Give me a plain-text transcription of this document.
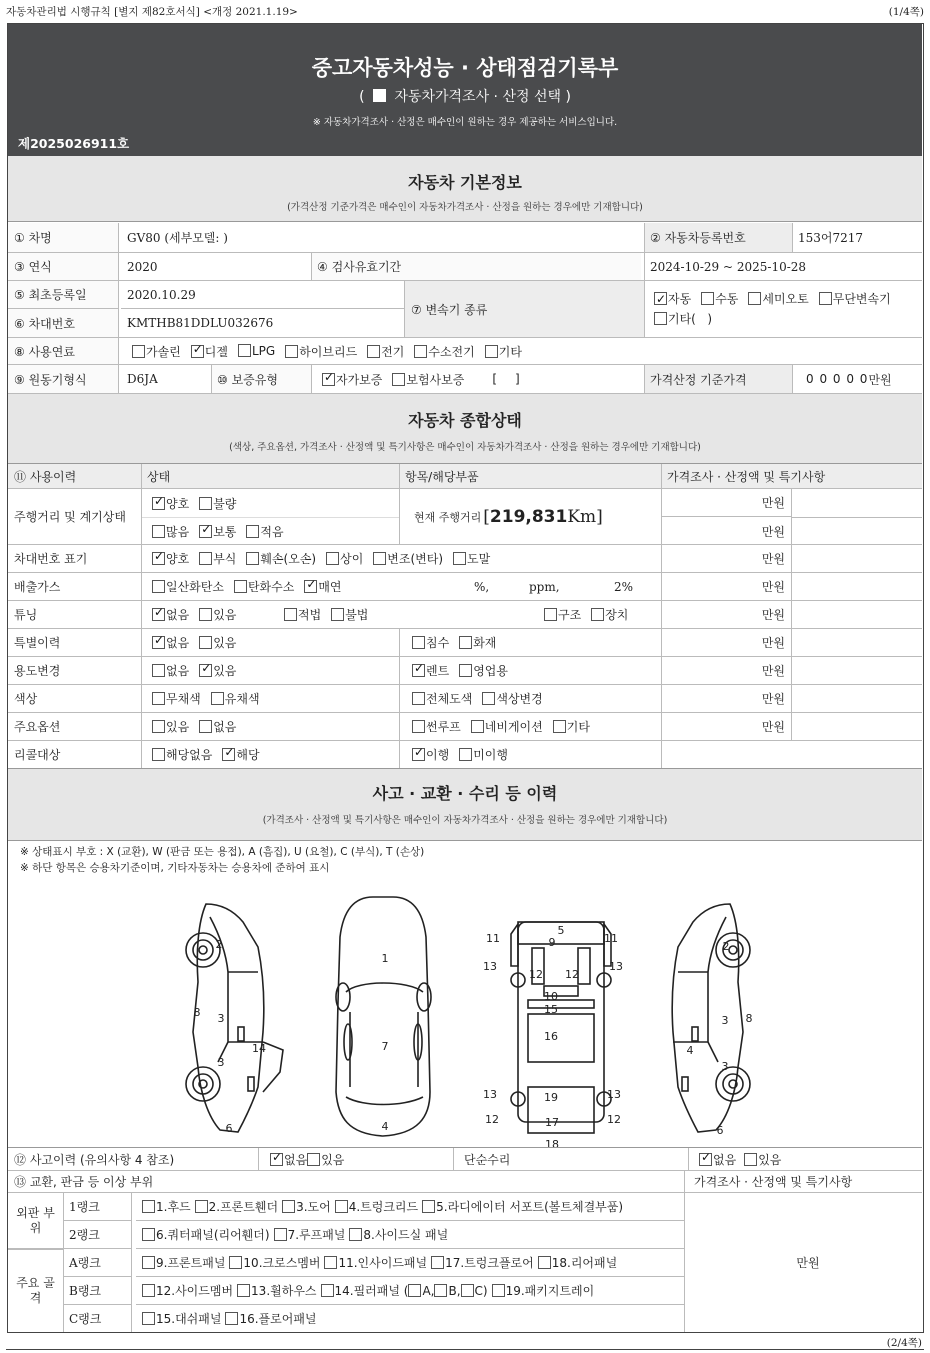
자동차관리법 시행규칙 [별지 제82호서식] <개정 2021.1.19>	(1/4쪽)
중고자동차성능 · 상태점검기록부
( 자동차가격조사 · 산정 선택 )
※ 자동차가격조사 · 산정은 매수인이 원하는 경우 제공하는 서비스입니다.
제2025026911호
자동차 기본정보
(가격산정 기준가격은 매수인이 자동차가격조사 · 산정을 원하는 경우에만 기재합니다)
① 차명	GV80 (세부모델: )	② 자동차등록번호	153어7217
③ 연식	2020	④ 검사유효기간	2024-10-29 ~ 2025-10-28
⑤ 최초등록일	2020.10.29
⑥ 차대번호	KMTHB81DDLU032676
⑦ 변속기 종류
✓자동	수동	세미오토	무단변속기
기타( )
⑧ 사용연료	가솔린 ✓	디젤	LPG	하이브리드	전기	수소전기	기타
⑨ 원동기형식	D6JA	⑩ 보증유형 ✓	자가보증	보험사보증 [ ]	가격산정 기준가격	0 0 0 0 0 만원
자동차 종합상태
(색상, 주요옵션, 가격조사 · 산정액 및 특기사항은 매수인이 자동차가격조사 · 산정을 원하는 경우에만 기재합니다)
⑪ 사용이력	상태	항목/해당부품	가격조사 · 산정액 및 특기사항
주행거리 및 계기상태
✓양호	불량
많음 ✓	보통	적음
현재 주행거리 [ 219,831 Km ]
만원
만원
차대번호 표기 ✓	양호	부식	훼손(오손)	상이	변조(변타)	도말	만원
배출가스	일산화탄소	탄화수소 ✓	매연	%,	ppm,	2%	만원
튜닝 ✓	없음	있음	적법	불법	구조	장치	만원
특별이력 ✓	없음	있음	침수	화재	만원
용도변경	없음 ✓	있음 ✓	렌트	영업용	만원
색상	무채색	유채색	전체도색	색상변경	만원
주요옵션	있음	없음	썬루프	네비게이션	기타	만원
리콜대상	해당없음 ✓	해당 ✓	이행	미이행
사고 · 교환 · 수리 등 이력
(가격조사 · 산정액 및 특기사항은 매수인이 자동차가격조사 · 산정을 원하는 경우에만 기재합니다)
※ 상태표시 부호 : X (교환), W (판금 또는 용접), A (흠집), U (요철), C (부식), T (손상)
※ 하단 항목은 승용차기준이며, 기타자동차는 승용차에 준하여 표시
2
3
3
8
14
6
1
7
4
5
9
11	11
13	13
12 12
10
15
16
13	13
19
12	12
17
18
2
3 8
4
3
6
⑫ 사고이력 (유의사항 4 참조) ✓	없음	있음	단순수리 ✓	없음	있음
⑬ 교환, 판금 등 이상 부위	가격조사 · 산정액 및 특기사항
외판 부위
주요 골격
1랭크	1.후드	2.프론트휀더	3.도어	4.트렁크리드	5.라디에이터 서포트(볼트체결부품)
2랭크	6.쿼터패널(리어휀더)	7.루프패널	8.사이드실 패널
A랭크	9.프론트패널	10.크로스멤버	11.인사이드패널	17.트렁크플로어	18.리어패널
B랭크	12.사이드멤버	13.휠하우스	14.필러패널 (	A,	B,	C)	19.패키지트레이
C랭크	15.대쉬패널	16.플로어패널
만원
(2/4쪽)
